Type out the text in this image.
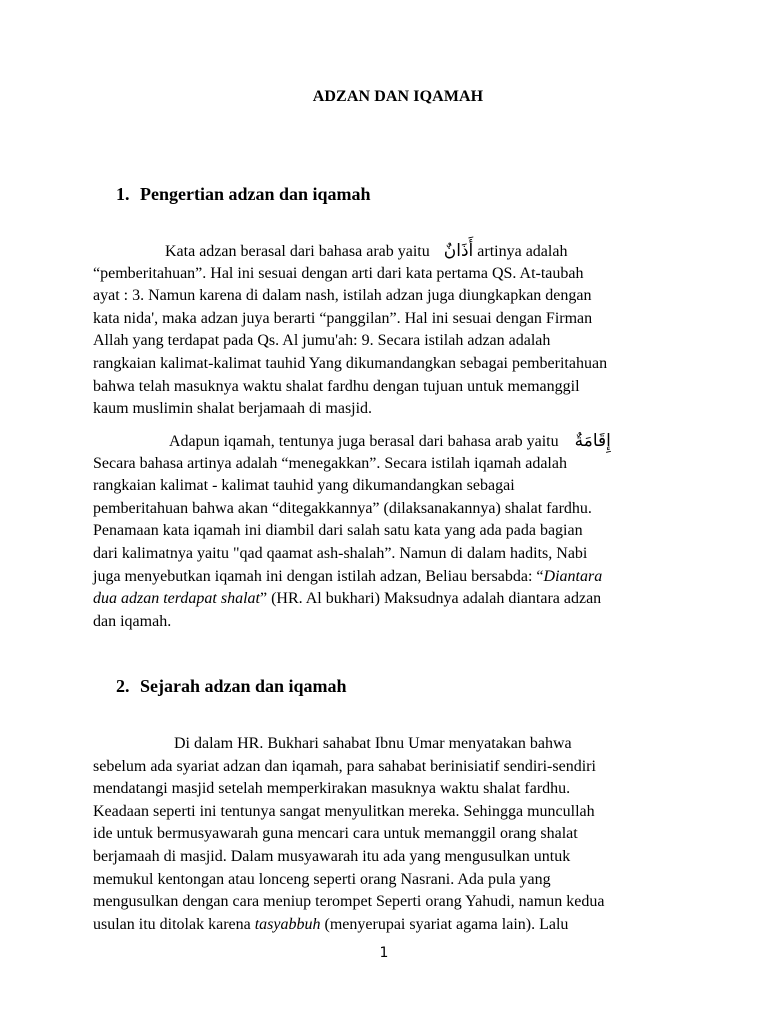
ADZAN DAN IQAMAH
1. Pengertian adzan dan iqamah
Kata adzan berasal dari bahasa arab yaitu أَذَانٌ artinya adalah
“pemberitahuan”. Hal ini sesuai dengan arti dari kata pertama QS. At-taubah
ayat : 3. Namun karena di dalam nash, istilah adzan juga diungkapkan dengan
kata nida', maka adzan juya berarti “panggilan”. Hal ini sesuai dengan Firman
Allah yang terdapat pada Qs. Al jumu'ah: 9. Secara istilah adzan adalah
rangkaian kalimat-kalimat tauhid Yang dikumandangkan sebagai pemberitahuan
bahwa telah masuknya waktu shalat fardhu dengan tujuan untuk memanggil
kaum muslimin shalat berjamaah di masjid.
Adapun iqamah, tentunya juga berasal dari bahasa arab yaitu إِقَامَةٌ
Secara bahasa artinya adalah “menegakkan”. Secara istilah iqamah adalah
rangkaian kalimat - kalimat tauhid yang dikumandangkan sebagai
pemberitahuan bahwa akan “ditegakkannya” (dilaksanakannya) shalat fardhu.
Penamaan kata iqamah ini diambil dari salah satu kata yang ada pada bagian
dari kalimatnya yaitu "qad qaamat ash-shalah”. Namun di dalam hadits, Nabi
juga menyebutkan iqamah ini dengan istilah adzan, Beliau bersabda: “Diantara
dua adzan terdapat shalat” (HR. Al bukhari) Maksudnya adalah diantara adzan
dan iqamah.
2. Sejarah adzan dan iqamah
Di dalam HR. Bukhari sahabat Ibnu Umar menyatakan bahwa
sebelum ada syariat adzan dan iqamah, para sahabat berinisiatif sendiri-sendiri
mendatangi masjid setelah memperkirakan masuknya waktu shalat fardhu.
Keadaan seperti ini tentunya sangat menyulitkan mereka. Sehingga muncullah
ide untuk bermusyawarah guna mencari cara untuk memanggil orang shalat
berjamaah di masjid. Dalam musyawarah itu ada yang mengusulkan untuk
memukul kentongan atau lonceng seperti orang Nasrani. Ada pula yang
mengusulkan dengan cara meniup terompet Seperti orang Yahudi, namun kedua
usulan itu ditolak karena tasyabbuh (menyerupai syariat agama lain). Lalu
1
